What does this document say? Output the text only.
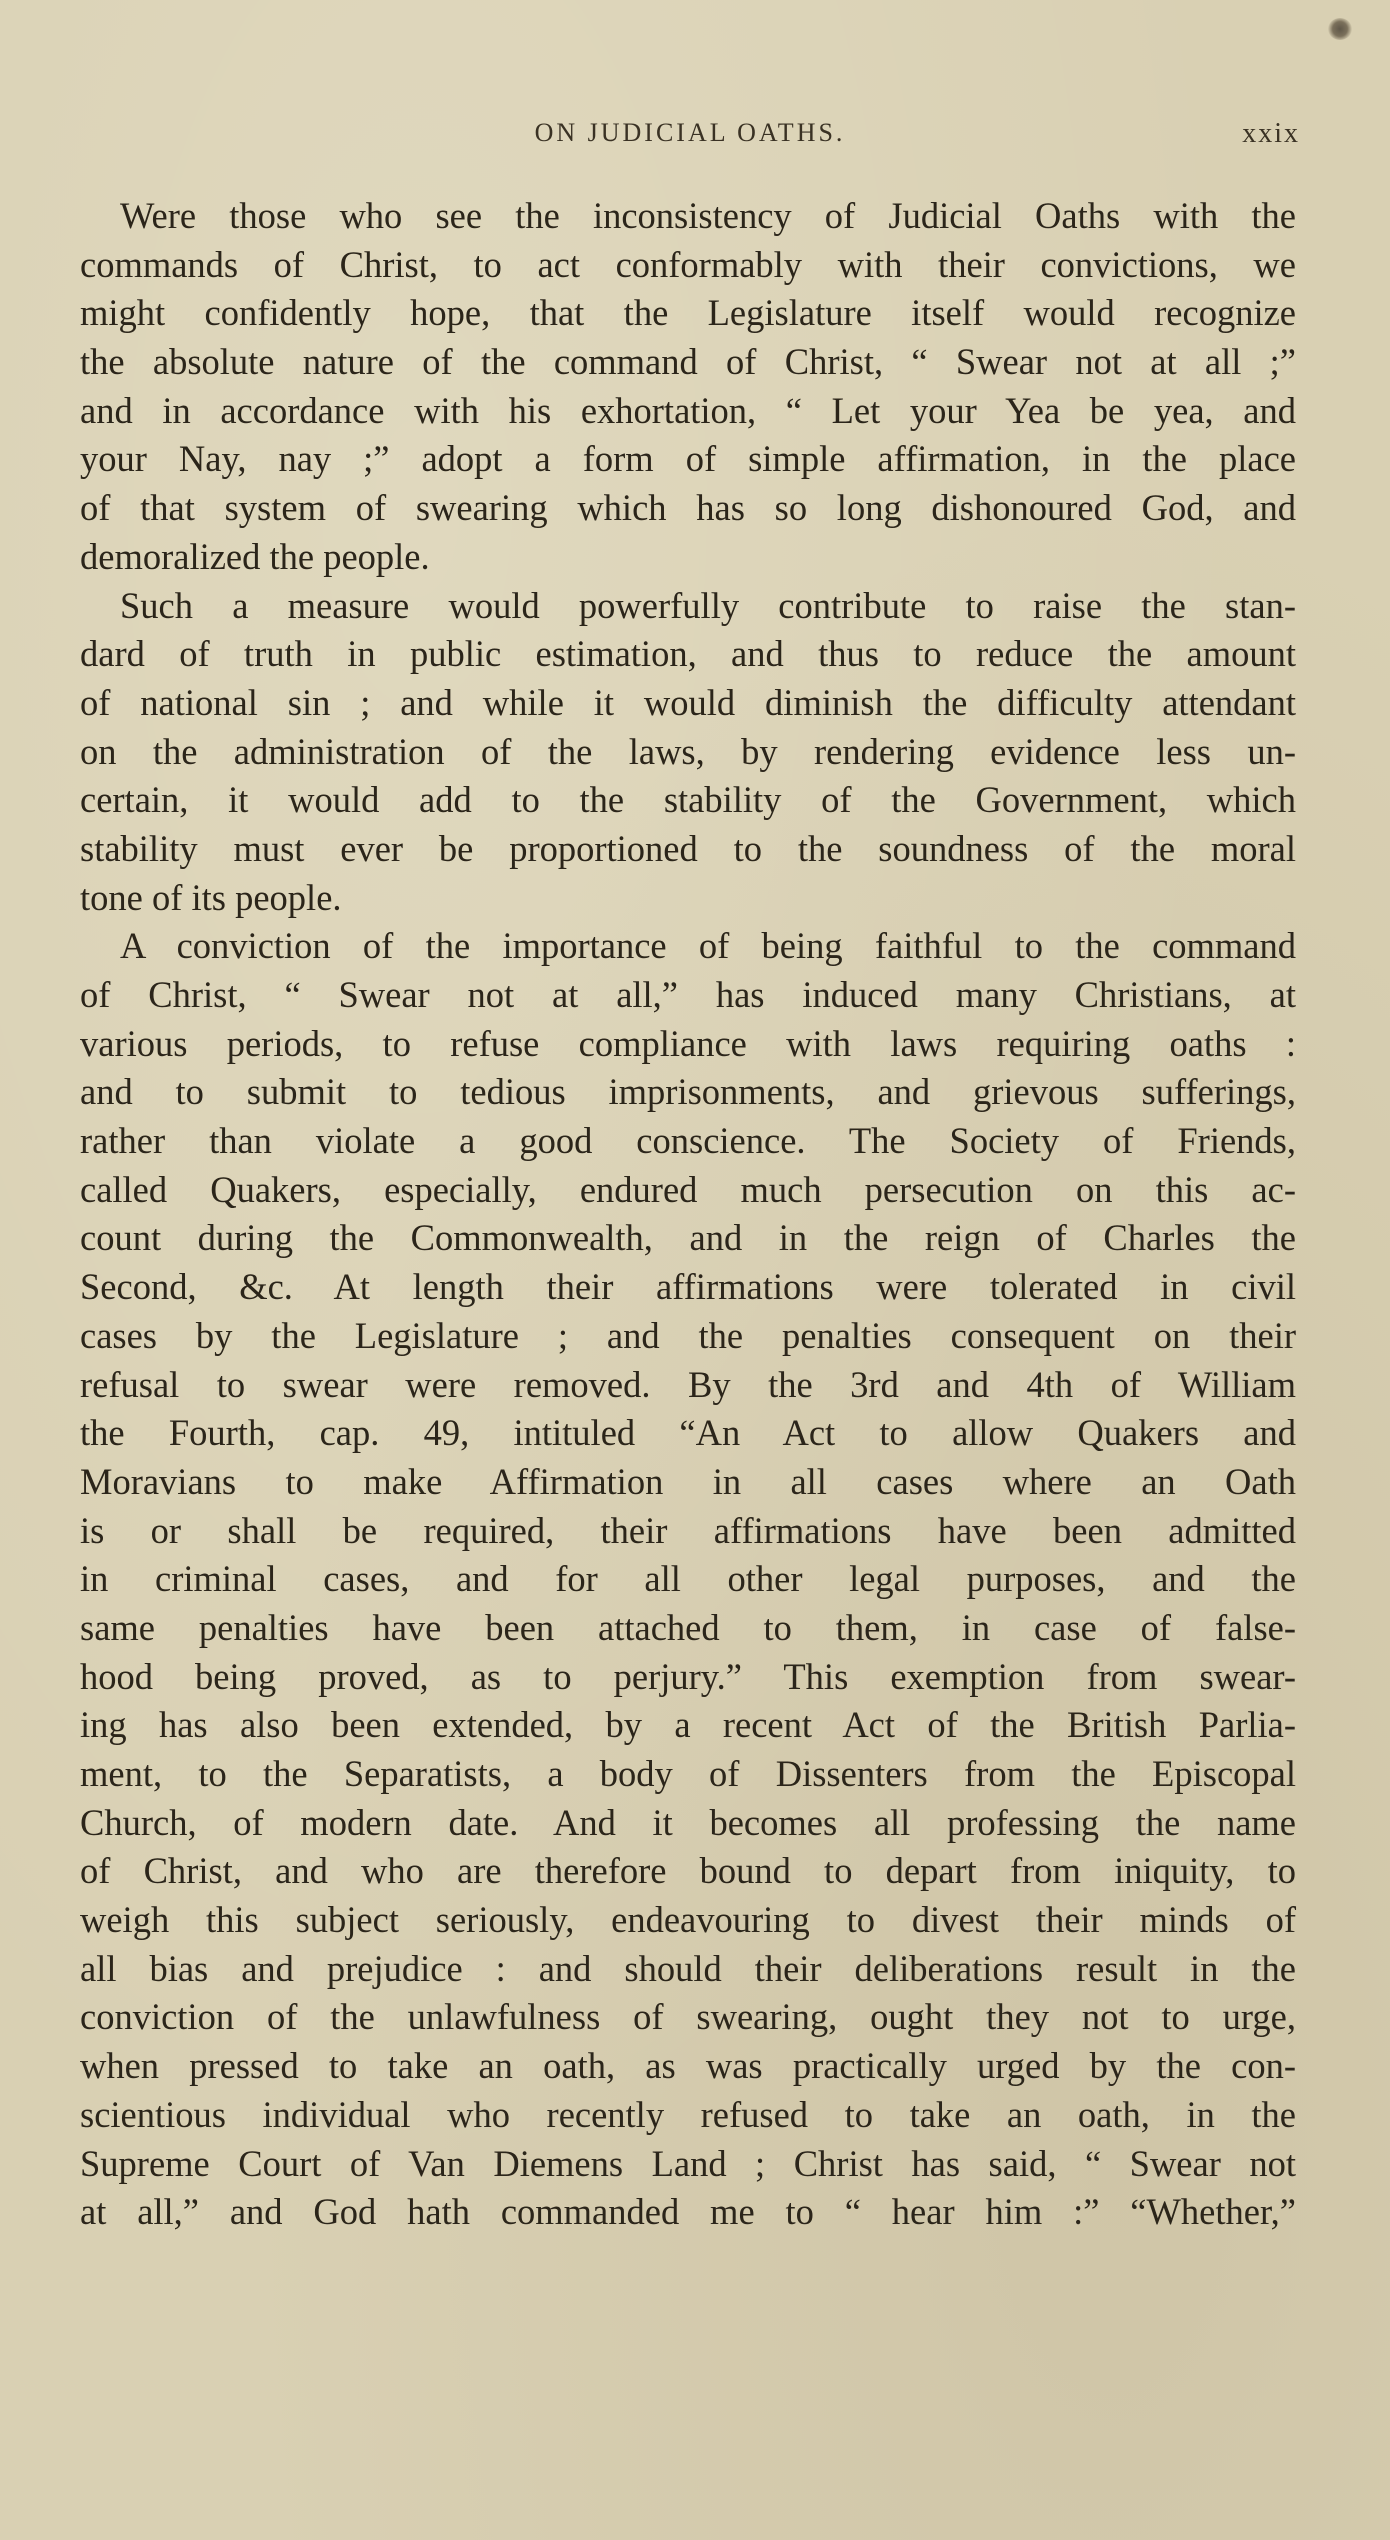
ON JUDICIAL OATHS.	xxix
Were those who see the inconsistency of Judicial Oaths with the
commands of Christ, to act conformably with their convictions, we
might confidently hope, that the Legislature itself would recognize
the absolute nature of the command of Christ, “ Swear not at all ;”
and in accordance with his exhortation, “ Let your Yea be yea, and
your Nay, nay ;” adopt a form of simple affirmation, in the place
of that system of swearing which has so long dishonoured God, and
demoralized the people.
Such a measure would powerfully contribute to raise the stan-
dard of truth in public estimation, and thus to reduce the amount
of national sin ; and while it would diminish the difficulty attendant
on the administration of the laws, by rendering evidence less un-
certain, it would add to the stability of the Government, which
stability must ever be proportioned to the soundness of the moral
tone of its people.
A conviction of the importance of being faithful to the command
of Christ, “ Swear not at all,” has induced many Christians, at
various periods, to refuse compliance with laws requiring oaths :
and to submit to tedious imprisonments, and grievous sufferings,
rather than violate a good conscience. The Society of Friends,
called Quakers, especially, endured much persecution on this ac-
count during the Commonwealth, and in the reign of Charles the
Second, &c. At length their affirmations were tolerated in civil
cases by the Legislature ; and the penalties consequent on their
refusal to swear were removed. By the 3rd and 4th of William
the Fourth, cap. 49, intituled “An Act to allow Quakers and
Moravians to make Affirmation in all cases where an Oath
is or shall be required, their affirmations have been admitted
in criminal cases, and for all other legal purposes, and the
same penalties have been attached to them, in case of false-
hood being proved, as to perjury.” This exemption from swear-
ing has also been extended, by a recent Act of the British Parlia-
ment, to the Separatists, a body of Dissenters from the Episcopal
Church, of modern date. And it becomes all professing the name
of Christ, and who are therefore bound to depart from iniquity, to
weigh this subject seriously, endeavouring to divest their minds of
all bias and prejudice : and should their deliberations result in the
conviction of the unlawfulness of swearing, ought they not to urge,
when pressed to take an oath, as was practically urged by the con-
scientious individual who recently refused to take an oath, in the
Supreme Court of Van Diemens Land ; Christ has said, “ Swear not
at all,” and God hath commanded me to “ hear him :” “Whether,”
